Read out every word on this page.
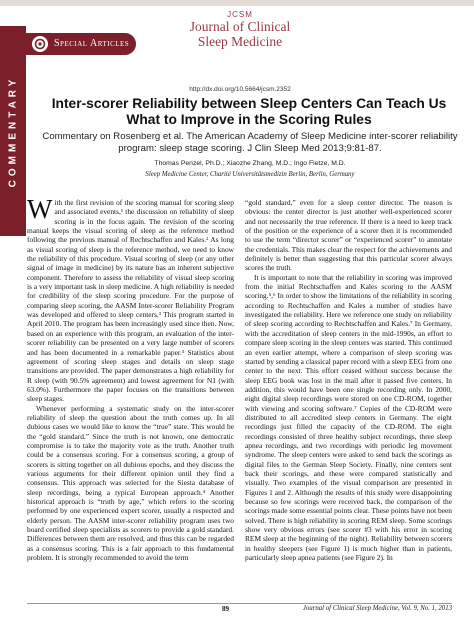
COMMENTARY
Special Articles
JCSM
Journal of Clinical
Sleep Medicine
http://dx.doi.org/10.5664/jcsm.2352
Inter-scorer Reliability between Sleep Centers Can Teach Us
What to Improve in the Scoring Rules
Commentary on Rosenberg et al. The American Academy of Sleep Medicine inter-scorer reliability
program: sleep stage scoring. J Clin Sleep Med 2013;9:81-87.
Thomas Penzel, Ph.D.; Xiaozhe Zhang, M.D.; Ingo Fietze, M.D.
Sleep Medicine Center, Charité Universitätsmedizin Berlin, Berlin, Germany

With the first revision of the scoring manual for scoring sleep and associated events,¹ the discussion on reliability of sleep scoring is in the focus again. The revision of the scoring manual keeps the visual scoring of sleep as the reference method following the previous manual of Rechtschaffen and Kales.² As long as visual scoring of sleep is the reference method, we need to know the reliability of this procedure. Visual scoring of sleep (or any other signal of image in medicine) by its nature has an inherent subjective component. Therefore to assess the reliability of visual sleep scoring is a very important task in sleep medicine. A high reliability is needed for credibility of the sleep scoring procedure. For the purpose of comparing sleep scoring, the AASM Inter-scorer Reliability Program was developed and offered to sleep centers.³ This program started in April 2010. The program has been increasingly used since then. Now, based on an experience with this program, an evaluation of the inter-scorer reliability can be presented on a very large number of scorers and has been documented in a remarkable paper.³ Statistics about agreement of scoring sleep stages and details on sleep stage transitions are provided. The paper demonstrates a high reliability for R sleep (with 90.5% agreement) and lowest agreement for N1 (with 63.0%). Furthermore the paper focuses on the transitions between sleep stages.

Whenever performing a systematic study on the inter-scorer reliability of sleep the question about the truth comes up. In all dubious cases we would like to know the “true” state. This would be the “gold standard.” Since the truth is not known, one democratic compromise is to take the majority vote as the truth. Another truth could be a consensus scoring. For a consensus scoring, a group of scorers is sitting together on all dubious epochs, and they discuss the various arguments for their different opinion until they find a consensus. This approach was selected for the Siesta database of sleep recordings, being a typical European approach.⁴ Another historical approach is “truth by age,” which refers to the scoring performed by one experienced expert scorer, usually a respected and elderly person. The AASM inter-scorer reliability program uses two board certified sleep specialists as scorers to provide a gold standard. Differences between them are resolved, and thus this can be regarded as a consensus scoring. This is a fair approach to this fundamental problem. It is strongly recommended to avoid the term

“gold standard,” even for a sleep center director. The reason is obvious: the center director is just another well-experienced scorer and not necessarily the true reference. If there is a need to keep track of the position or the experience of a scorer then it is recommended to use the term “director scorer” or “experienced scorer” to annotate the credentials. This makes clear the respect for the achievements and definitely is better than suggesting that this particular scorer always scores the truth.

It is important to note that the reliability in scoring was improved from the initial Rechtschaffen and Kales scoring to the AASM scoring.⁵,⁶ In order to show the limitations of the reliability in scoring according to Rechtschaffen and Kales a number of studies have investigated the reliability. Here we reference one study on reliability of sleep scoring according to Rechtschaffen and Kales.⁷ In Germany, with the accreditation of sleep centers in the mid-1990s, an effort to compare sleep scoring in the sleep centers was started. This continued an even earlier attempt, where a comparison of sleep scoring was started by sending a classical paper record with a sleep EEG from one center to the next. This effort ceased without success because the sleep EEG book was lost in the mail after it passed five centers. In addition, this would have been one single recording only. In 2000, eight digital sleep recordings were stored on one CD-ROM, together with viewing and scoring software.⁷ Copies of the CD-ROM were distributed to all accredited sleep centers in Germany. The eight recordings just filled the capacity of the CD-ROM. The eight recordings consisted of three healthy subject recordings, three sleep apnea recordings, and two recordings with periodic leg movement syndrome. The sleep centers were asked to send back the scorings as digital files to the German Sleep Society. Finally, nine centers sent back their scorings, and these were compared statistically and visually. Two examples of the visual comparison are presented in Figures 1 and 2. Although the results of this study were disappointing because so few scorings were received back, the comparison of the scorings made some essential points clear. These points have not been solved. There is high reliability in scoring REM sleep. Some scorings show very obvious errors (see scorer #3 with his error in scoring REM sleep at the beginning of the night). Reliability between scorers in healthy sleepers (see Figure 1) is much higher than in patients, particularly sleep apnea patients (see Figure 2). In

89	Journal of Clinical Sleep Medicine, Vol. 9, No. 1, 2013
